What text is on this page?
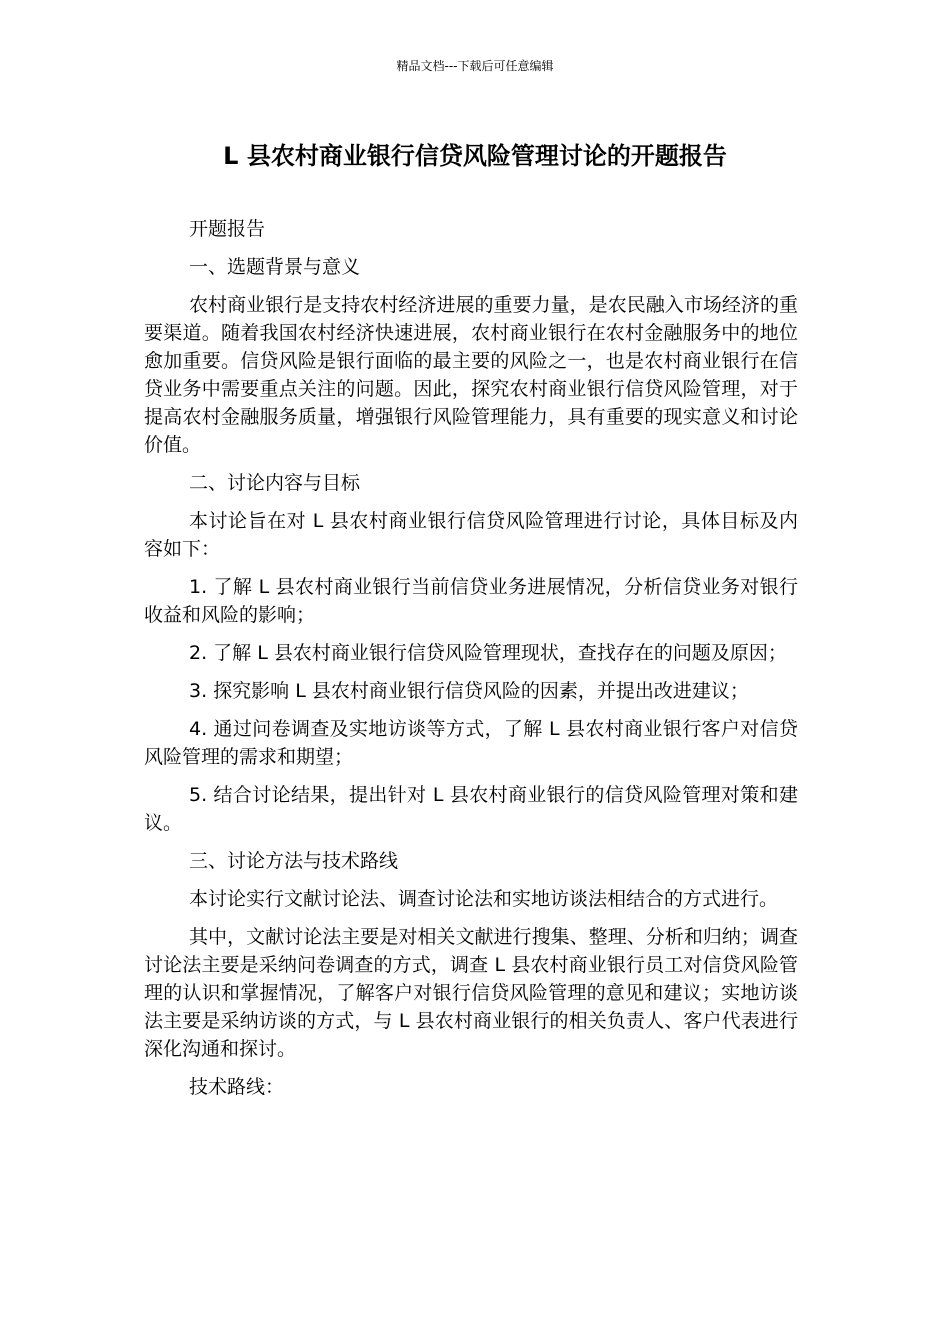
精品文档---下载后可任意编辑
L 县农村商业银行信贷风险管理讨论的开题报告

开题报告

一、选题背景与意义

农村商业银行是支持农村经济进展的重要力量，是农民融入市场经济的重要渠道。随着我国农村经济快速进展，农村商业银行在农村金融服务中的地位愈加重要。信贷风险是银行面临的最主要的风险之一，也是农村商业银行在信贷业务中需要重点关注的问题。因此，探究农村商业银行信贷风险管理，对于提高农村金融服务质量，增强银行风险管理能力，具有重要的现实意义和讨论价值。

二、讨论内容与目标

本讨论旨在对 L 县农村商业银行信贷风险管理进行讨论，具体目标及内容如下：

1. 了解 L 县农村商业银行当前信贷业务进展情况，分析信贷业务对银行收益和风险的影响；

2. 了解 L 县农村商业银行信贷风险管理现状，查找存在的问题及原因；

3. 探究影响 L 县农村商业银行信贷风险的因素，并提出改进建议；

4. 通过问卷调查及实地访谈等方式，了解 L 县农村商业银行客户对信贷风险管理的需求和期望；

5. 结合讨论结果，提出针对 L 县农村商业银行的信贷风险管理对策和建议。

三、讨论方法与技术路线

本讨论实行文献讨论法、调查讨论法和实地访谈法相结合的方式进行。

其中，文献讨论法主要是对相关文献进行搜集、整理、分析和归纳；调查讨论法主要是采纳问卷调查的方式，调查 L 县农村商业银行员工对信贷风险管理的认识和掌握情况，了解客户对银行信贷风险管理的意见和建议；实地访谈法主要是采纳访谈的方式，与 L 县农村商业银行的相关负责人、客户代表进行深化沟通和探讨。

技术路线：
